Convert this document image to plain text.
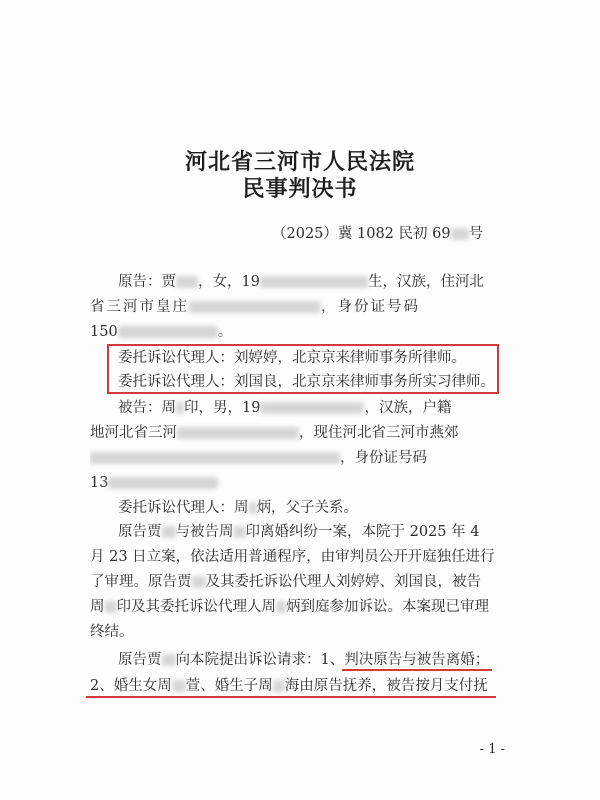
河北省三河市人民法院
民事判决书
（2025）冀 1082 民初 69 号
原告：贾 ，女，19	生，汉族，住河北
省三河市皇庄	，身份证号码
150	。
委托诉讼代理人：刘婷婷，北京京来律师事务所律师。
委托诉讼代理人：刘国良，北京京来律师事务所实习律师。
被告：周 印，男，19	，汉族，户籍
地河北省三河	，现住河北省三河市燕郊
，身份证号码
13
委托诉讼代理人：周 炳，父子关系。
原告贾 与被告周 印离婚纠纷一案，本院于 2025 年 4
月 23 日立案，依法适用普通程序，由审判员公开开庭独任进行
了审理。原告贾 及其委托诉讼代理人刘婷婷、刘国良，被告
周 印及其委托诉讼代理人周 炳到庭参加诉讼。本案现已审理
终结。
原告贾 向本院提出诉讼请求：1、判决原告与被告离婚；
2、婚生女周 萱、婚生子周 海由原告抚养，被告按月支付抚
- 1 -
